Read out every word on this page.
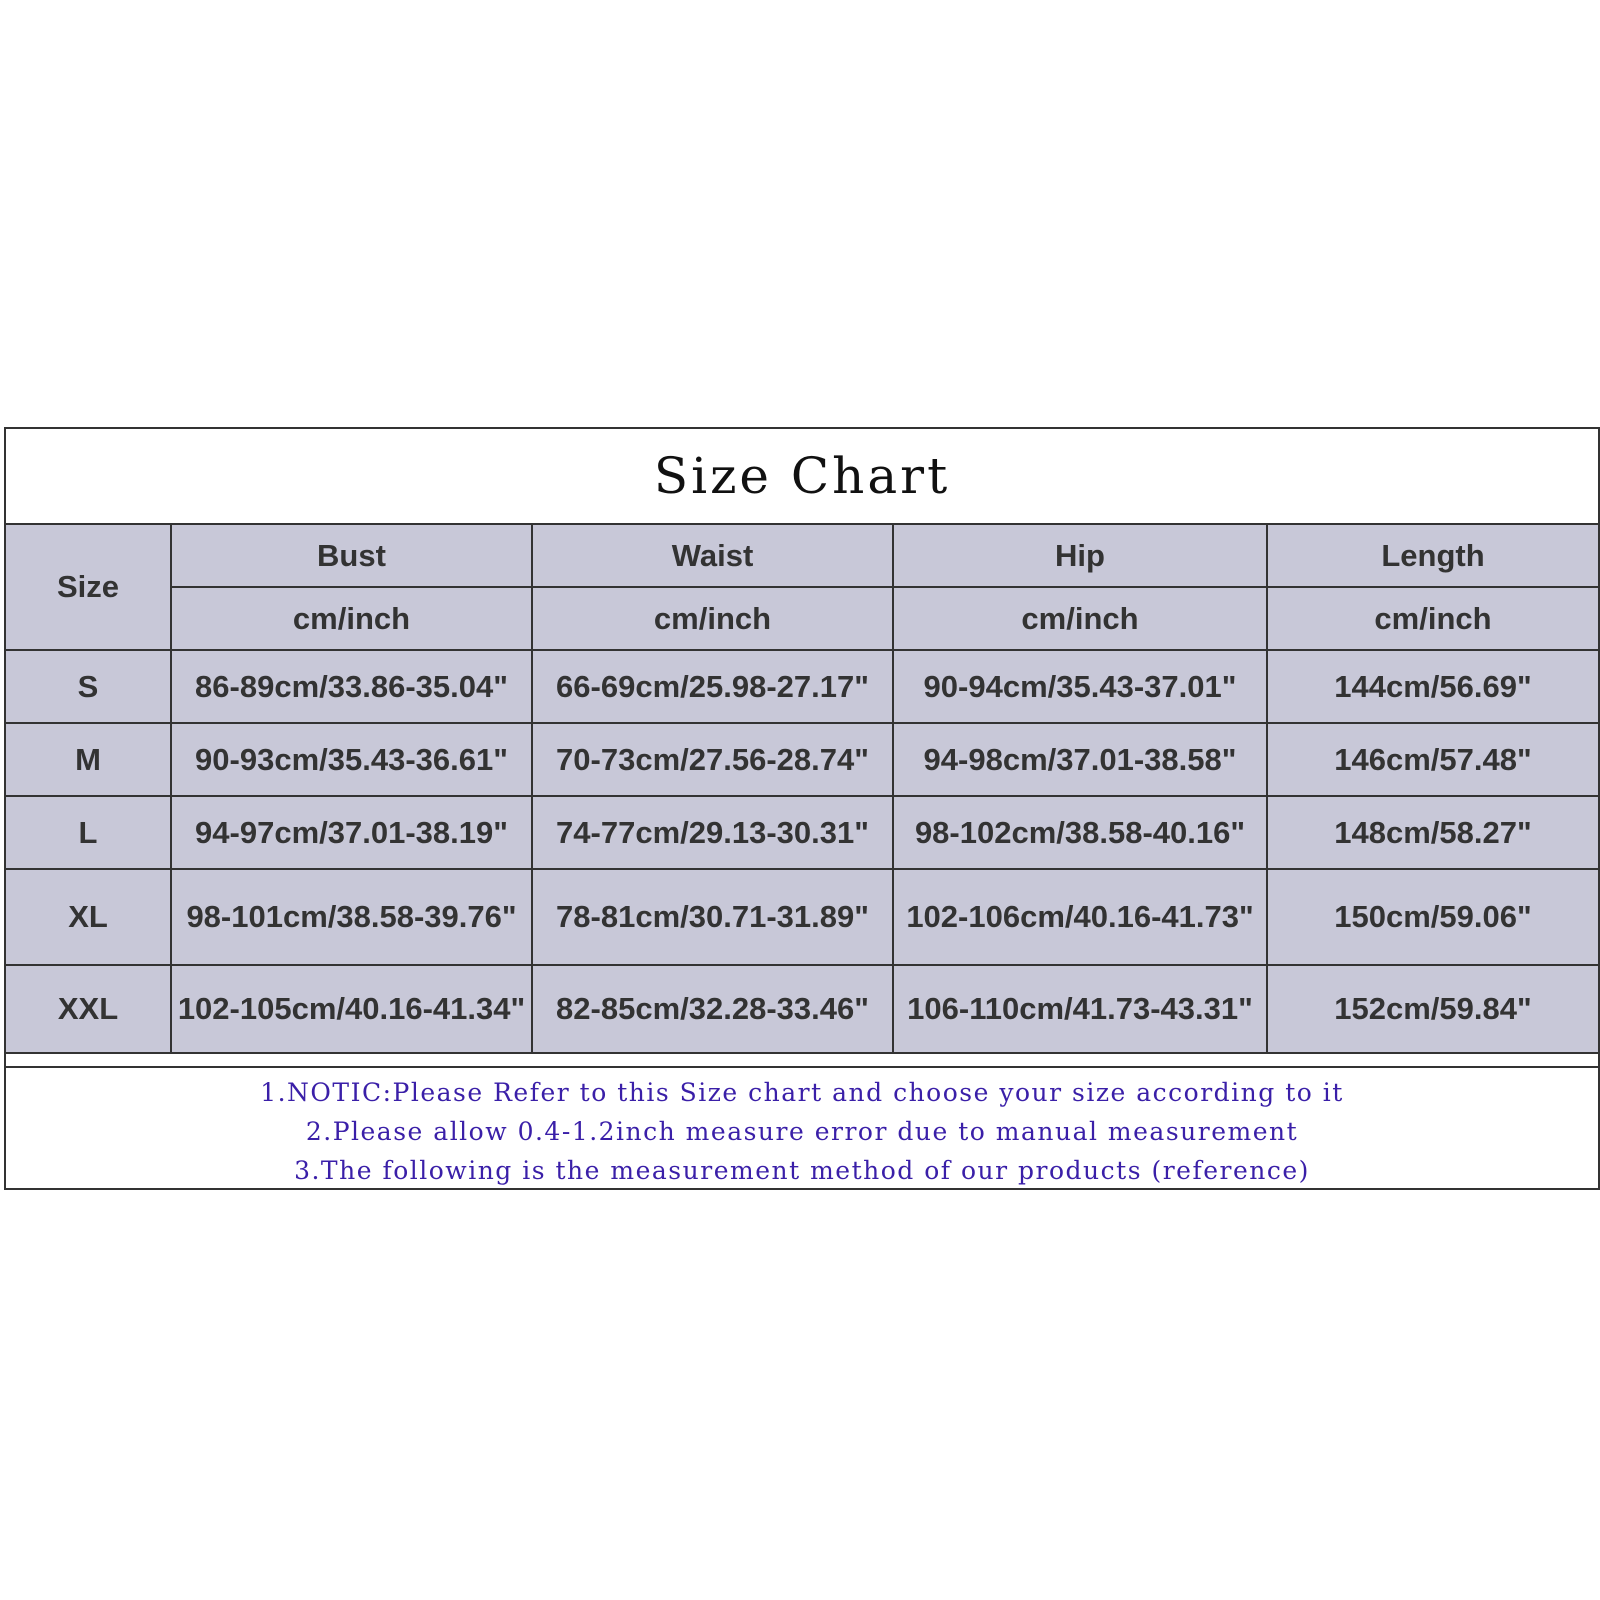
Size Chart
Size	Bust	Waist	Hip	Length
	cm/inch	cm/inch	cm/inch	cm/inch
S	86-89cm/33.86-35.04"	66-69cm/25.98-27.17"	90-94cm/35.43-37.01"	144cm/56.69"
M	90-93cm/35.43-36.61"	70-73cm/27.56-28.74"	94-98cm/37.01-38.58"	146cm/57.48"
L	94-97cm/37.01-38.19"	74-77cm/29.13-30.31"	98-102cm/38.58-40.16"	148cm/58.27"
XL	98-101cm/38.58-39.76"	78-81cm/30.71-31.89"	102-106cm/40.16-41.73"	150cm/59.06"
XXL	102-105cm/40.16-41.34"	82-85cm/32.28-33.46"	106-110cm/41.73-43.31"	152cm/59.84"
1.NOTIC:Please Refer to this Size chart and choose your size according to it
2.Please allow 0.4-1.2inch measure error due to manual measurement
3.The following is the measurement method of our products (reference)
